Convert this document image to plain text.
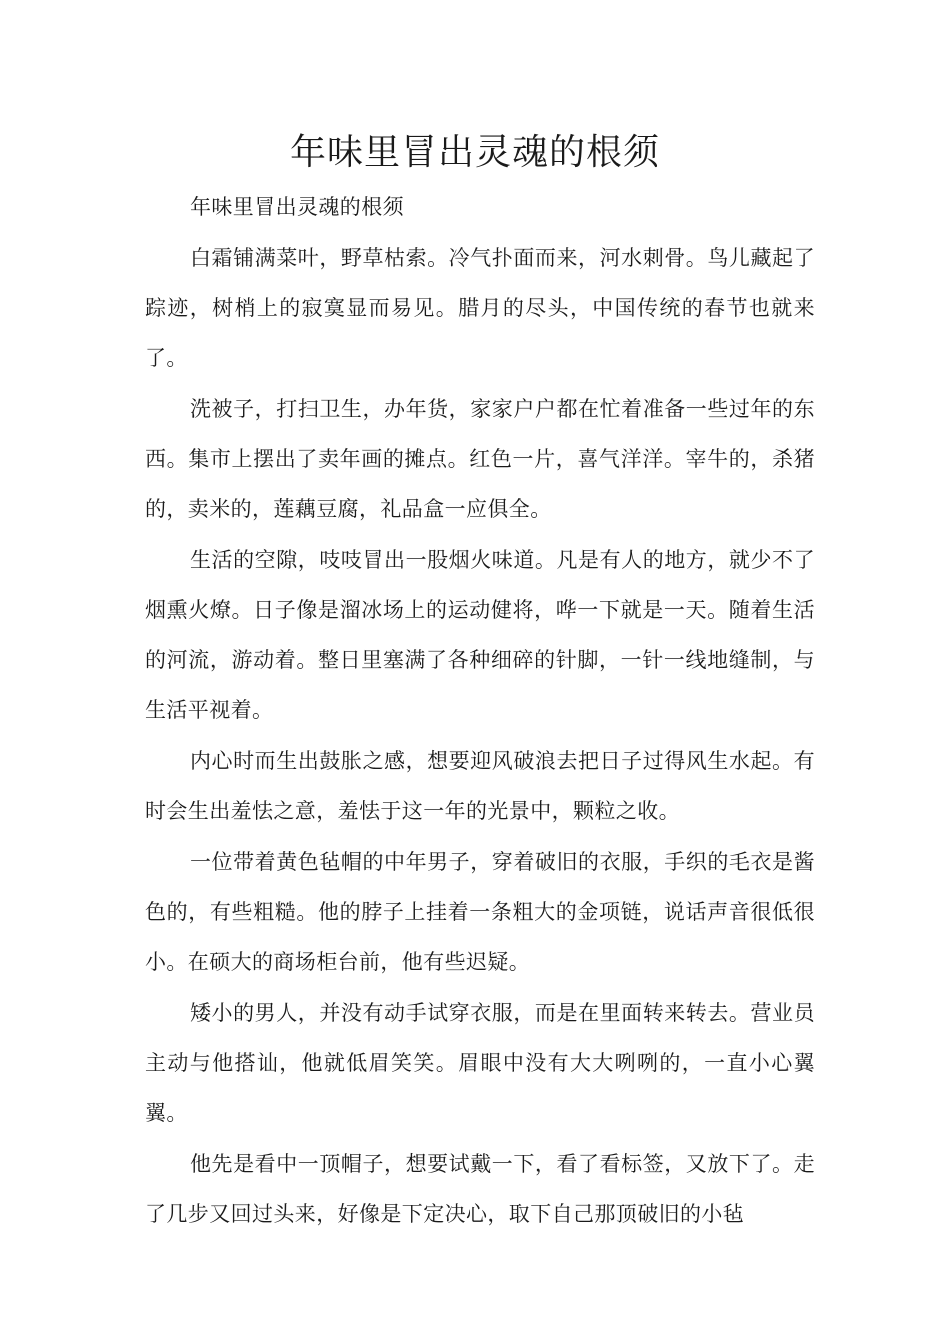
年味里冒出灵魂的根须

年味里冒出灵魂的根须

白霜铺满菜叶，野草枯索。冷气扑面而来，河水刺骨。鸟儿藏起了踪迹，树梢上的寂寞显而易见。腊月的尽头，中国传统的春节也就来了。

洗被子，打扫卫生，办年货，家家户户都在忙着准备一些过年的东西。集市上摆出了卖年画的摊点。红色一片，喜气洋洋。宰牛的，杀猪的，卖米的，莲藕豆腐，礼品盒一应俱全。

生活的空隙，吱吱冒出一股烟火味道。凡是有人的地方，就少不了烟熏火燎。日子像是溜冰场上的运动健将，哗一下就是一天。随着生活的河流，游动着。整日里塞满了各种细碎的针脚，一针一线地缝制，与生活平视着。

内心时而生出鼓胀之感，想要迎风破浪去把日子过得风生水起。有时会生出羞怯之意，羞怯于这一年的光景中，颗粒之收。

一位带着黄色毡帽的中年男子，穿着破旧的衣服，手织的毛衣是酱色的，有些粗糙。他的脖子上挂着一条粗大的金项链，说话声音很低很小。在硕大的商场柜台前，他有些迟疑。

矮小的男人，并没有动手试穿衣服，而是在里面转来转去。营业员主动与他搭讪，他就低眉笑笑。眉眼中没有大大咧咧的，一直小心翼翼。

他先是看中一顶帽子，想要试戴一下，看了看标签，又放下了。走了几步又回过头来，好像是下定决心，取下自己那顶破旧的小毡
